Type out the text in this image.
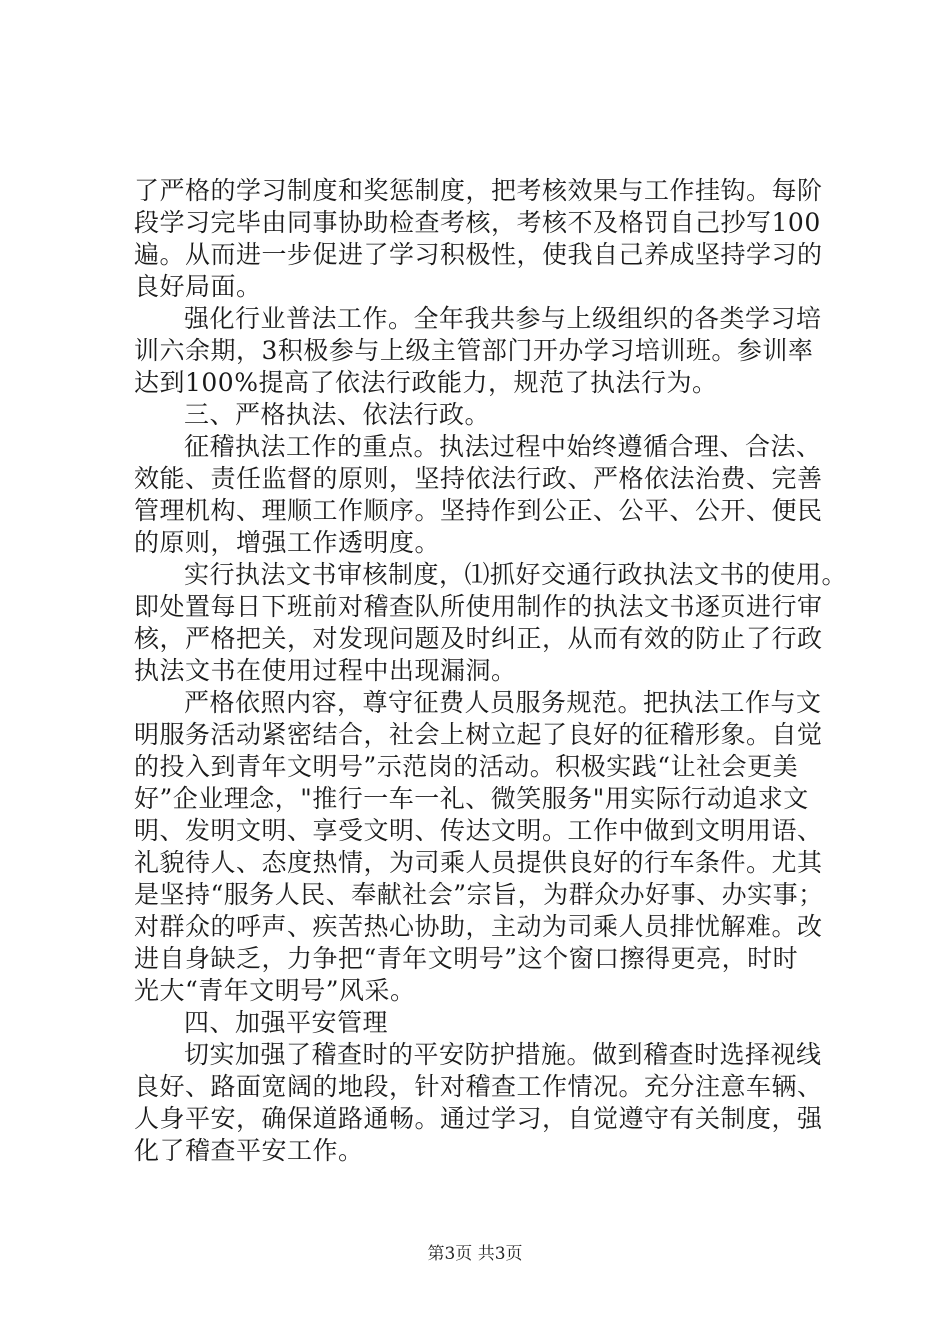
了严格的学习制度和奖惩制度，把考核效果与工作挂钩。每阶
段学习完毕由同事协助检查考核，考核不及格罚自己抄写100
遍。从而进一步促进了学习积极性，使我自己养成坚持学习的
良好局面。
强化行业普法工作。全年我共参与上级组织的各类学习培
训六余期，3积极参与上级主管部门开办学习培训班。参训率
达到100%提高了依法行政能力，规范了执法行为。
三、严格执法、依法行政。
征稽执法工作的重点。执法过程中始终遵循合理、合法、
效能、责任监督的原则，坚持依法行政、严格依法治费、完善
管理机构、理顺工作顺序。坚持作到公正、公平、公开、便民
的原则，增强工作透明度。
实行执法文书审核制度，⑴抓好交通行政执法文书的使用。
即处置每日下班前对稽查队所使用制作的执法文书逐页进行审
核，严格把关，对发现问题及时纠正，从而有效的防止了行政
执法文书在使用过程中出现漏洞。
严格依照内容，尊守征费人员服务规范。把执法工作与文
明服务活动紧密结合，社会上树立起了良好的征稽形象。自觉
的投入到青年文明号”示范岗的活动。积极实践“让社会更美
好”企业理念，"推行一车一礼、微笑服务"用实际行动追求文
明、发明文明、享受文明、传达文明。工作中做到文明用语、
礼貌待人、态度热情，为司乘人员提供良好的行车条件。尤其
是坚持“服务人民、奉献社会”宗旨，为群众办好事、办实事；
对群众的呼声、疾苦热心协助，主动为司乘人员排忧解难。改
进自身缺乏，力争把“青年文明号”这个窗口擦得更亮，时时
光大“青年文明号”风采。
四、加强平安管理
切实加强了稽查时的平安防护措施。做到稽查时选择视线
良好、路面宽阔的地段，针对稽查工作情况。充分注意车辆、
人身平安，确保道路通畅。通过学习，自觉遵守有关制度，强
化了稽查平安工作。
第3页 共3页
